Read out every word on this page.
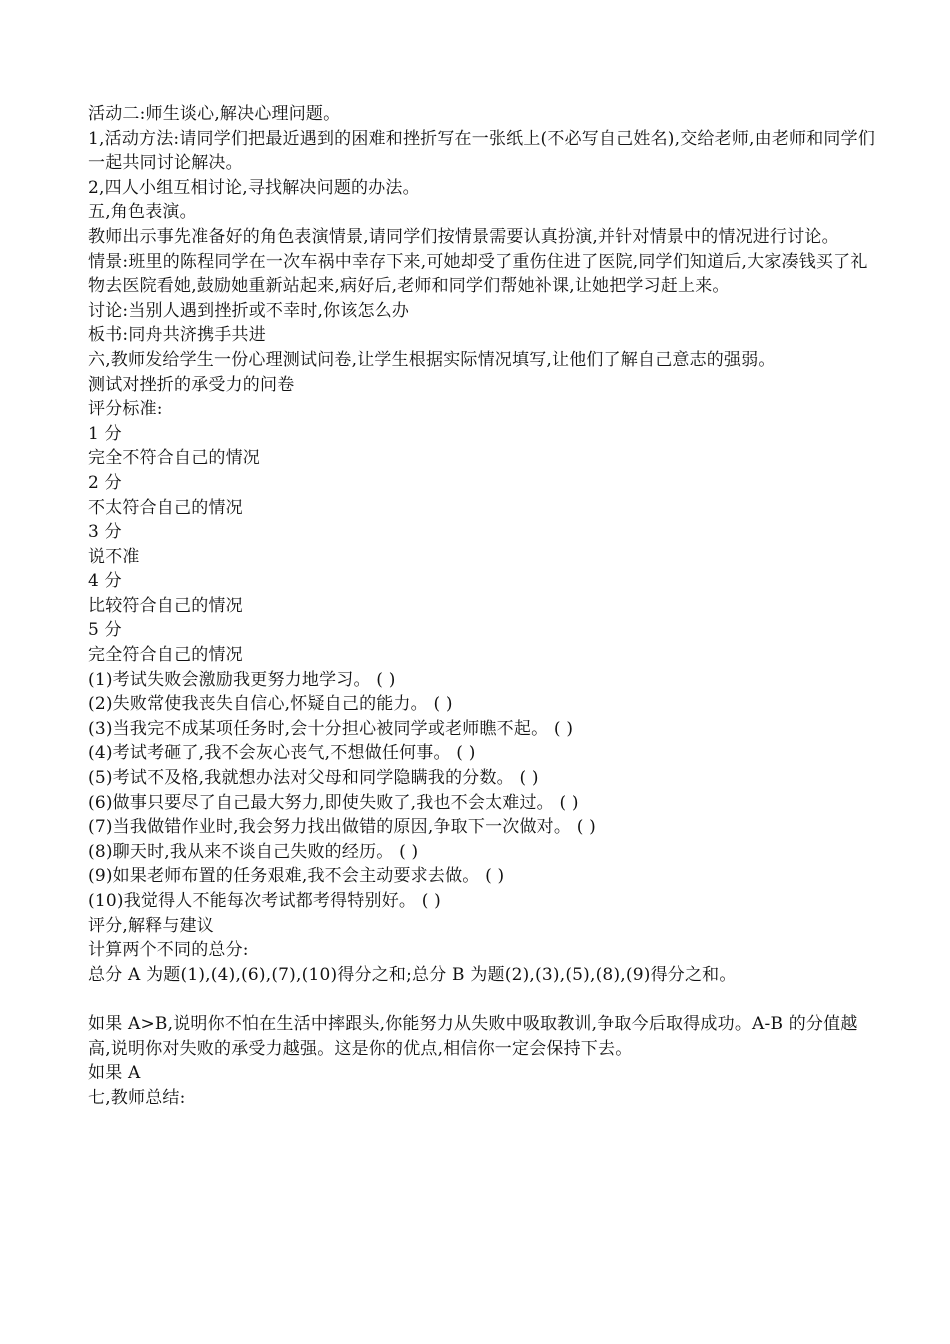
活动二:师生谈心,解决心理问题。

1,活动方法:请同学们把最近遇到的困难和挫折写在一张纸上(不必写自己姓名),交给老师,由老师和同学们一起共同讨论解决。

2,四人小组互相讨论,寻找解决问题的办法。

五,角色表演。

教师出示事先准备好的角色表演情景,请同学们按情景需要认真扮演,并针对情景中的情况进行讨论。

情景:班里的陈程同学在一次车祸中幸存下来,可她却受了重伤住进了医院,同学们知道后,大家凑钱买了礼物去医院看她,鼓励她重新站起来,病好后,老师和同学们帮她补课,让她把学习赶上来。

讨论:当别人遇到挫折或不幸时,你该怎么办

板书:同舟共济携手共进

六,教师发给学生一份心理测试问卷,让学生根据实际情况填写,让他们了解自己意志的强弱。

测试对挫折的承受力的问卷

评分标准:

1 分

完全不符合自己的情况

2 分

不太符合自己的情况

3 分

说不准

4 分

比较符合自己的情况

5 分

完全符合自己的情况

(1)考试失败会激励我更努力地学习。 ( )

(2)失败常使我丧失自信心,怀疑自己的能力。 ( )

(3)当我完不成某项任务时,会十分担心被同学或老师瞧不起。 ( )

(4)考试考砸了,我不会灰心丧气,不想做任何事。 ( )

(5)考试不及格,我就想办法对父母和同学隐瞒我的分数。 ( )

(6)做事只要尽了自己最大努力,即使失败了,我也不会太难过。 ( )

(7)当我做错作业时,我会努力找出做错的原因,争取下一次做对。 ( )

(8)聊天时,我从来不谈自己失败的经历。 ( )

(9)如果老师布置的任务艰难,我不会主动要求去做。 ( )

(10)我觉得人不能每次考试都考得特别好。 ( )

评分,解释与建议

计算两个不同的总分:

总分 A 为题(1),(4),(6),(7),(10)得分之和;总分 B 为题(2),(3),(5),(8),(9)得分之和。

如果 A>B,说明你不怕在生活中摔跟头,你能努力从失败中吸取教训,争取今后取得成功。A-B 的分值越高,说明你对失败的承受力越强。这是你的优点,相信你一定会保持下去。

如果 A

七,教师总结:
